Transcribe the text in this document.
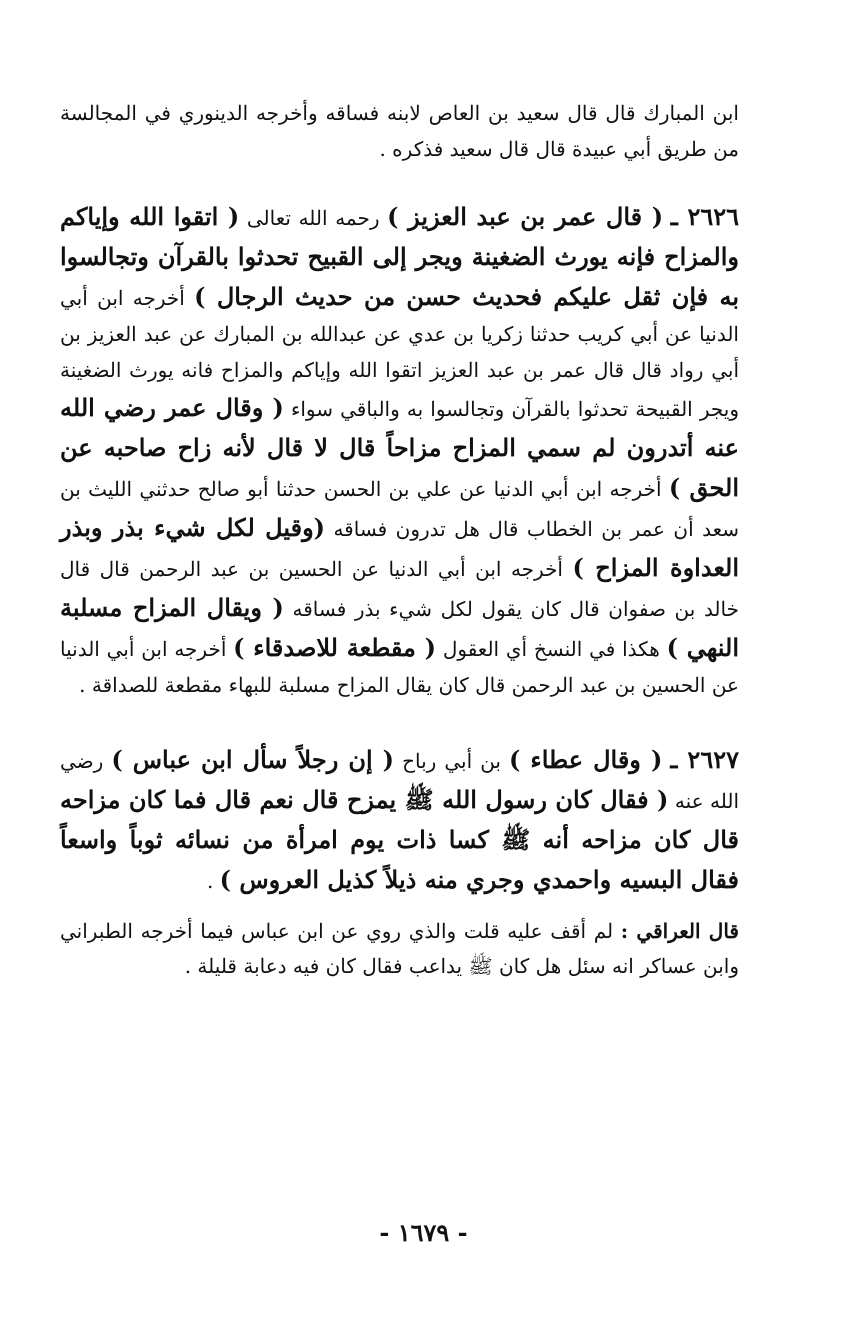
ابن المبارك قال قال سعيد بن العاص لابنه فساقه وأخرجه الدينوري في المجالسة من طريق أبي عبيدة قال قال سعيد فذكره .

٢٦٢٦ ـ ( قال عمر بن عبد العزيز ) رحمه الله تعالى ( اتقوا الله وإياكم والمزاح فإنه يورث الضغينة ويجر إلى القبيح تحدثوا بالقرآن وتجالسوا به فإن ثقل عليكم فحديث حسن من حديث الرجال ) أخرجه ابن أبي الدنيا عن أبي كريب حدثنا زكريا بن عدي عن عبدالله بن المبارك عن عبد العزيز بن أبي رواد قال قال عمر بن عبد العزيز اتقوا الله وإياكم والمزاح فانه يورث الضغينة ويجر القبيحة تحدثوا بالقرآن وتجالسوا به والباقي سواء ( وقال عمر رضي الله عنه أتدرون لم سمي المزاح مزاحاً قال لا قال لأنه زاح صاحبه عن الحق ) أخرجه ابن أبي الدنيا عن علي بن الحسن حدثنا أبو صالح حدثني الليث بن سعد أن عمر بن الخطاب قال هل تدرون فساقه (وقيل لكل شيء بذر وبذر العداوة المزاح ) أخرجه ابن أبي الدنيا عن الحسين بن عبد الرحمن قال قال خالد بن صفوان قال كان يقول لكل شيء بذر فساقه ( ويقال المزاح مسلبة النهي ) هكذا في النسخ أي العقول ( مقطعة للاصدقاء ) أخرجه ابن أبي الدنيا عن الحسين بن عبد الرحمن قال كان يقال المزاح مسلبة للبهاء مقطعة للصداقة .

٢٦٢٧ ـ ( وقال عطاء ) بن أبي رباح ( إن رجلاً سأل ابن عباس ) رضي الله عنه ( فقال كان رسول الله ﷺ يمزح قال نعم قال فما كان مزاحه قال كان مزاحه أنه ﷺ كسا ذات يوم امرأة من نسائه ثوباً واسعاً فقال البسيه واحمدي وجري منه ذيلاً كذيل العروس ) .

قال العراقي : لم أقف عليه قلت والذي روي عن ابن عباس فيما أخرجه الطبراني وابن عساكر انه سئل هل كان ﷺ يداعب فقال كان فيه دعابة قليلة .

- ١٦٧٩ -
